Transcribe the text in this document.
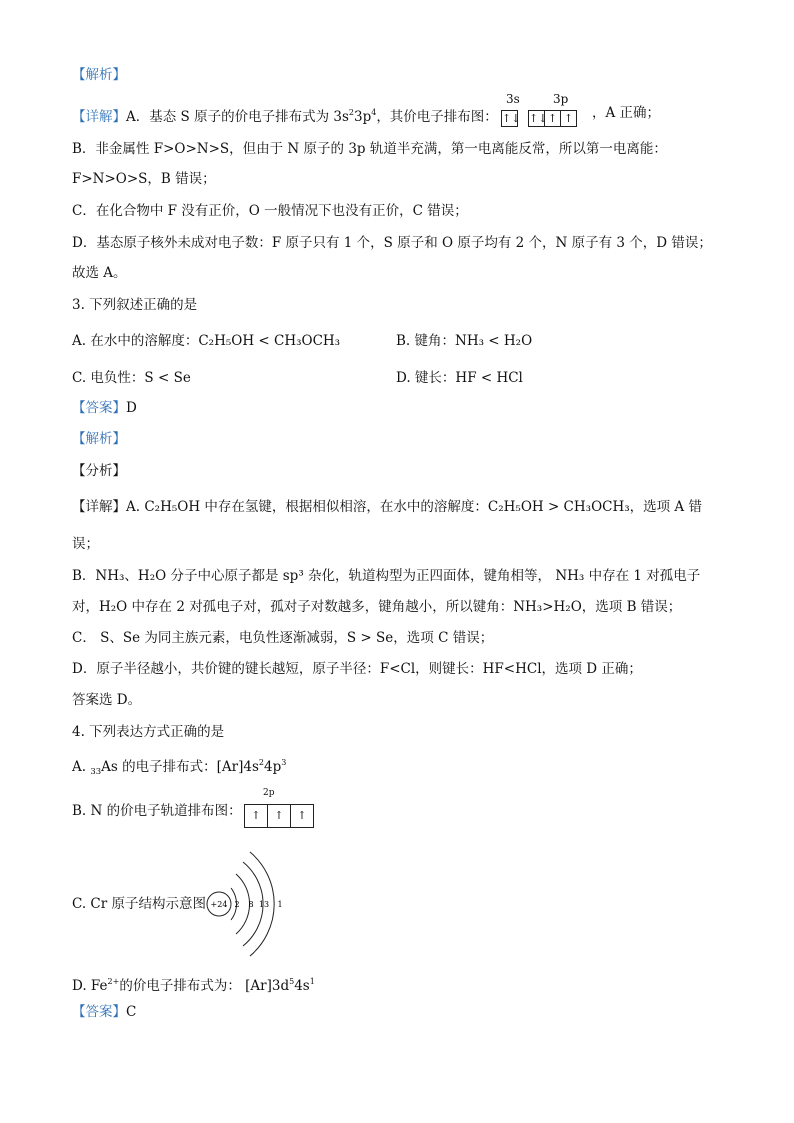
【解析】
【详解】A．基态 S 原子的价电子排布式为 $3s^23p^4$，其价电子排布图：
3s	3p
↑↓ ↑↓↑ ↑ ，A 正确；
B．非金属性 F>O>N>S，但由于 N 原子的 3p 轨道半充满，第一电离能反常，所以第一电离能：
F>N>O>S，B 错误；
C．在化合物中 F 没有正价，O 一般情况下也没有正价，C 错误；
D．基态原子核外未成对电子数：F 原子只有 1 个，S 原子和 O 原子均有 2 个，N 原子有 3 个，D 错误；
故选 A。
3. 下列叙述正确的是
A. 在水中的溶解度：C₂H₅OH < CH₃OCH₃	B. 键角：NH₃ < H₂O
C. 电负性：S < Se	D. 键长：HF < HCl
【答案】D
【解析】
【分析】
【详解】A. C₂H₅OH 中存在氢键，根据相似相溶，在水中的溶解度：C₂H₅OH > CH₃OCH₃，选项 A 错
误；
B．NH₃、H₂O 分子中心原子都是 sp³ 杂化，轨道构型为正四面体，键角相等， NH₃ 中存在 1 对孤电子
对，H₂O 中存在 2 对孤电子对，孤对子对数越多，键角越小，所以键角：NH₃>H₂O，选项 B 错误；
C． S、Se 为同主族元素，电负性逐渐减弱，S > Se，选项 C 错误；
D．原子半径越小，共价键的键长越短，原子半径：F<Cl，则键长：HF<HCl，选项 D 正确；
答案选 D。
4. 下列表达方式正确的是
A. $_{33}$As 的电子排布式：$[Ar]4s^24p^3$
B. N 的价电子轨道排布图：
2p
↑ ↑ ↑
C. Cr 原子结构示意图 +24 2 8 13 1
D. $Fe^{2+}$的价电子排布式为： $[Ar]3d^54s^1$
【答案】C
